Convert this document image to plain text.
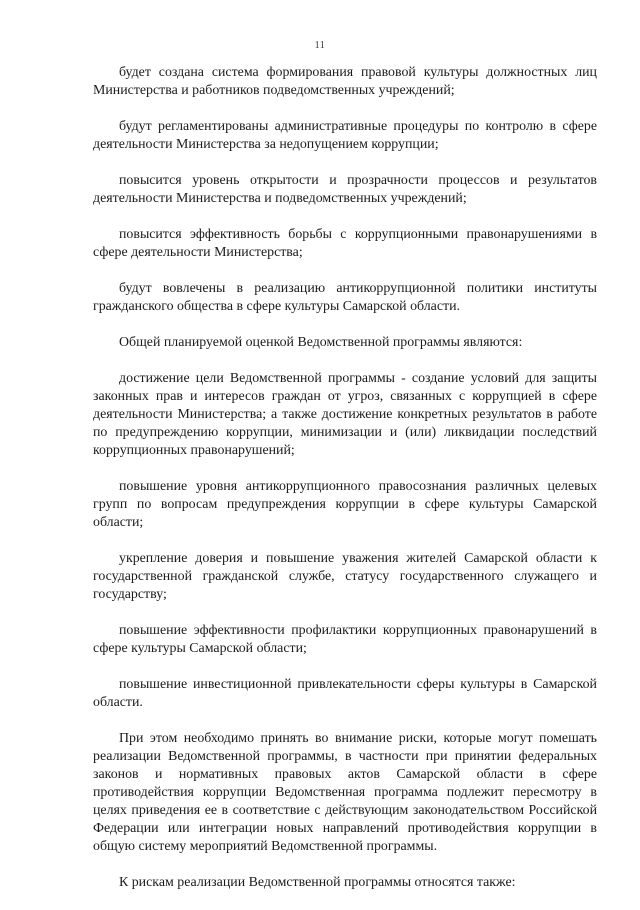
11

будет создана система формирования правовой культуры должностных лиц Министерства и работников подведомственных учреждений;

будут регламентированы административные процедуры по контролю в сфере деятельности Министерства за недопущением коррупции;

повысится уровень открытости и прозрачности процессов и результатов деятельности Министерства и подведомственных учреждений;

повысится эффективность борьбы с коррупционными правонарушениями в сфере деятельности Министерства;

будут вовлечены в реализацию антикоррупционной политики институты гражданского общества в сфере культуры Самарской области.

Общей планируемой оценкой Ведомственной программы являются:

достижение цели Ведомственной программы - создание условий для защиты законных прав и интересов граждан от угроз, связанных с коррупцией в сфере деятельности Министерства; а также достижение конкретных результатов в работе по предупреждению коррупции, минимизации и (или) ликвидации последствий коррупционных правонарушений;

повышение уровня антикоррупционного правосознания различных целевых групп по вопросам предупреждения коррупции в сфере культуры Самарской области;

укрепление доверия и повышение уважения жителей Самарской области к государственной гражданской службе, статусу государственного служащего и государству;

повышение эффективности профилактики коррупционных правонарушений в сфере культуры Самарской области;

повышение инвестиционной привлекательности сферы культуры в Самарской области.

При этом необходимо принять во внимание риски, которые могут помешать реализации Ведомственной программы, в частности при принятии федеральных законов и нормативных правовых актов Самарской области в сфере противодействия коррупции Ведомственная программа подлежит пересмотру в целях приведения ее в соответствие с действующим законодательством Российской Федерации или интеграции новых направлений противодействия коррупции в общую систему мероприятий Ведомственной программы.

К рискам реализации Ведомственной программы относятся также:
